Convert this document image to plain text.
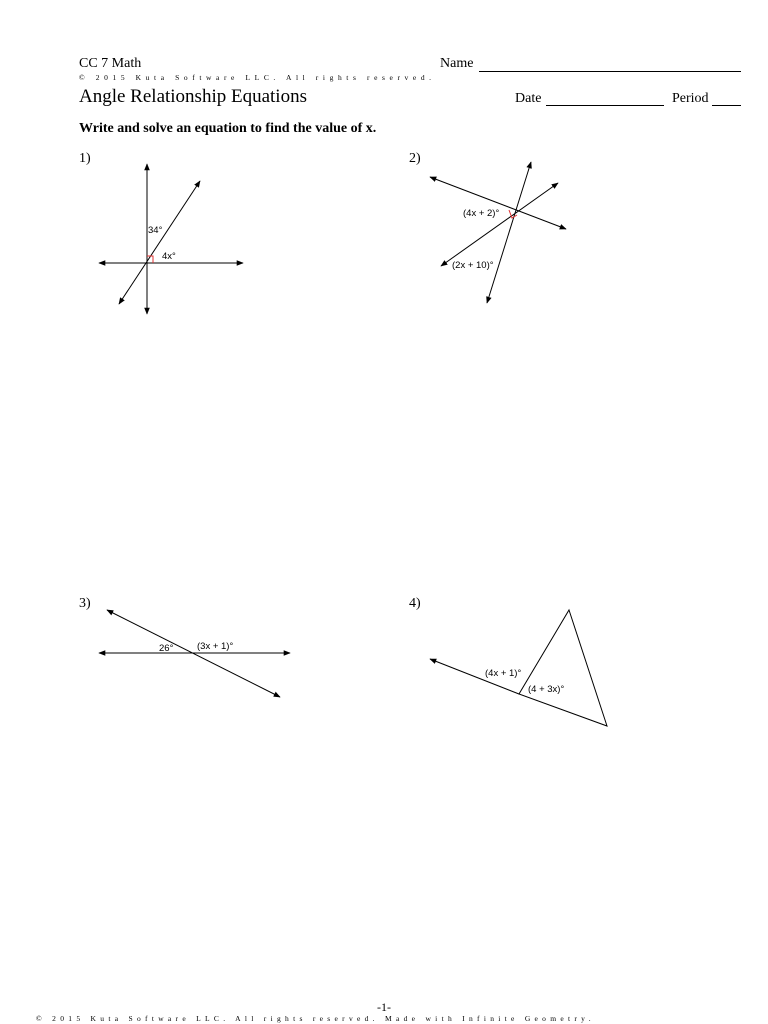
CC 7 Math
© 2015 Kuta Software LLC. All rights reserved.
Angle Relationship Equations
Name
Date	Period
Write and solve an equation to find the value of x.
1)	2)
3)	4)
34°
4x°
(4x + 2)°
(2x + 10)°
26° (3x + 1)°
(4x + 1)°
(4 + 3x)°
-1-
© 2015 Kuta Software LLC. All rights reserved. Made with Infinite Geometry.
